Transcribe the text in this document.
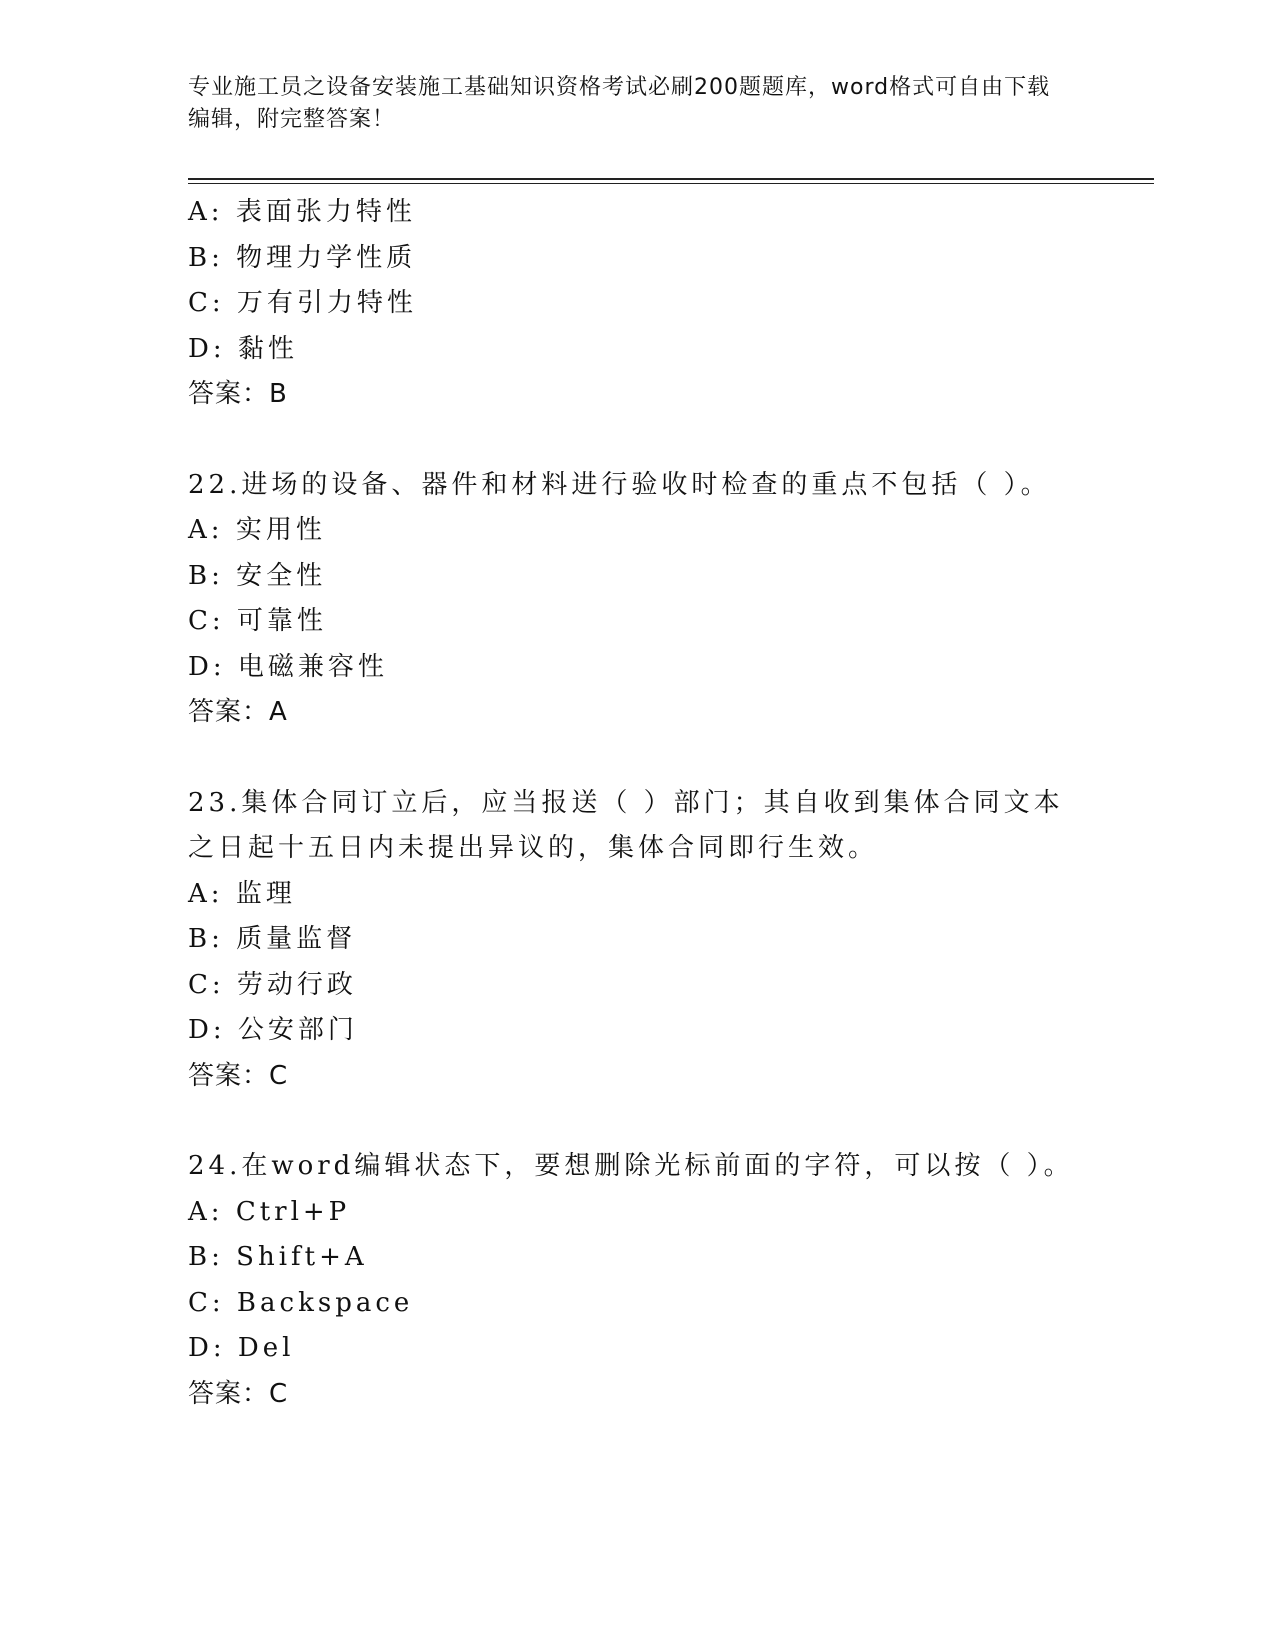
专业施工员之设备安装施工基础知识资格考试必刷200题题库，word格式可自由下载编辑，附完整答案！
A: 表面张力特性
B: 物理力学性质
C: 万有引力特性
D: 黏性
答案：B
22.进场的设备、器件和材料进行验收时检查的重点不包括（ ）。
A: 实用性
B: 安全性
C: 可靠性
D: 电磁兼容性
答案：A
23.集体合同订立后，应当报送（ ）部门；其自收到集体合同文本之日起十五日内未提出异议的，集体合同即行生效。
A: 监理
B: 质量监督
C: 劳动行政
D: 公安部门
答案：C
24.在word编辑状态下，要想删除光标前面的字符，可以按（ ）。
A: Ctrl+P
B: Shift+A
C: Backspace
D: Del
答案：C
